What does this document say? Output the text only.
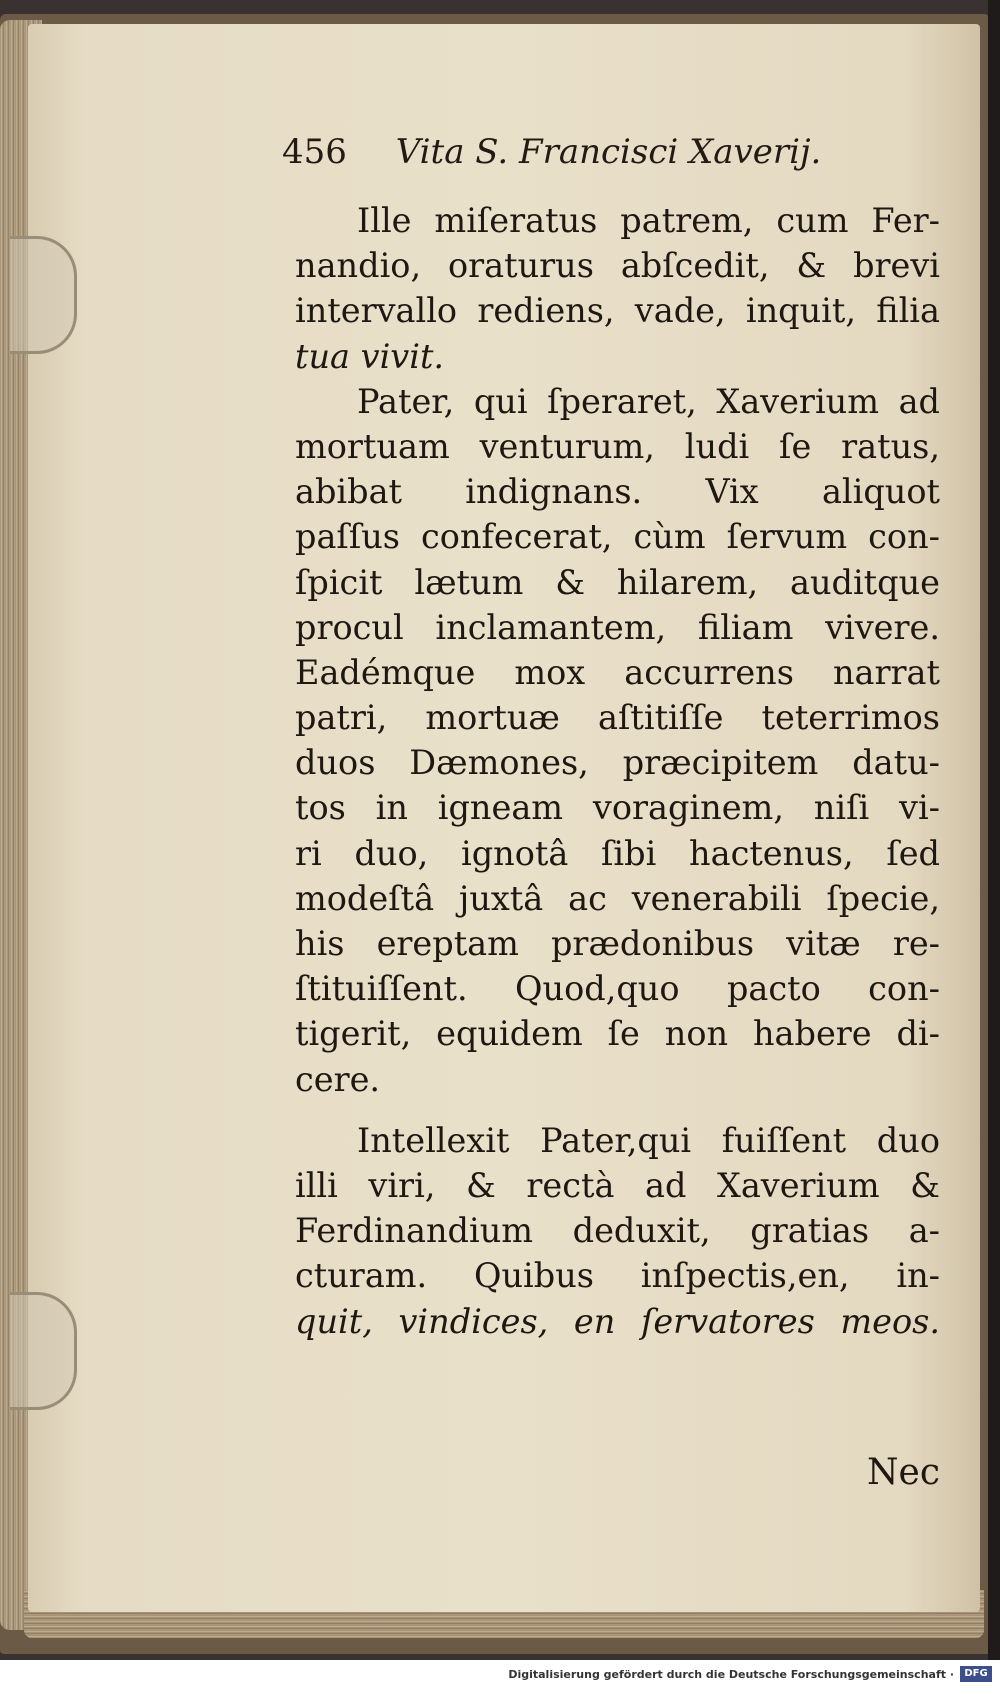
456 Vita S. Francisci Xaverij.
Ille miſeratus patrem, cum Fer-
nandio, oraturus abſcedit, & brevi
intervallo rediens, vade, inquit, filia
tua vivit.
Pater, qui ſperaret, Xaverium ad
mortuam venturum, ludi ſe ratus,
abibat indignans. Vix aliquot
paſſus confecerat, cùm ſervum con-
ſpicit lætum & hilarem, auditque
procul inclamantem, filiam vivere.
Eadémque mox accurrens narrat
patri, mortuæ aſtitiſſe teterrimos
duos Dæmones, præcipitem datu-
tos in igneam voraginem, niſi vi-
ri duo, ignotâ ſibi hactenus, ſed
modeſtâ juxtâ ac venerabili ſpecie,
his ereptam prædonibus vitæ re-
ſtituiſſent. Quod,quo pacto con-
tigerit, equidem ſe non habere di-
cere.
Intellexit Pater,qui fuiſſent duo
illi viri, & rectà ad Xaverium &
Ferdinandium deduxit, gratias a-
cturam. Quibus inſpectis,en, in-
quit, vindices, en ſervatores meos.
Nec
Digitalisierung gefördert durch die Deutsche Forschungsgemeinschaft ·	DFG
